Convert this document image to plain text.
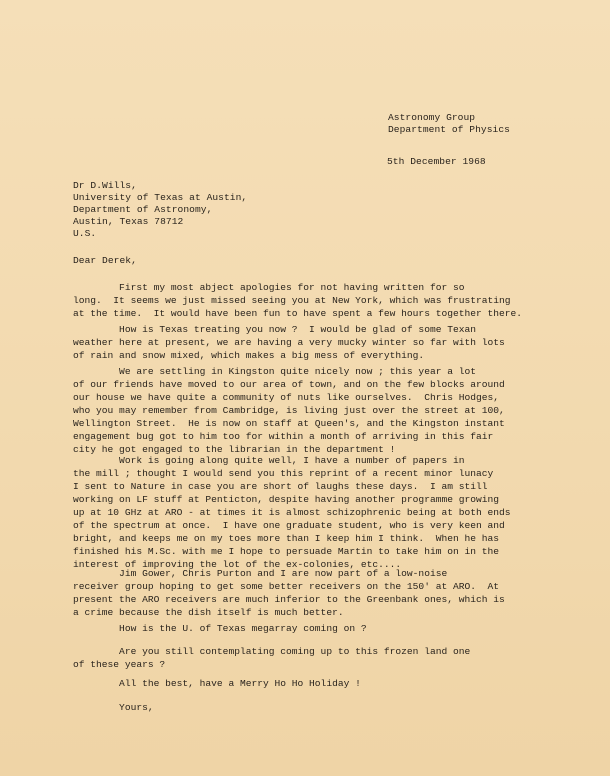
Astronomy Group
Department of Physics
5th December 1968
Dr D.Wills,
University of Texas at Austin,
Department of Astronomy,
Austin, Texas 78712
U.S.
Dear Derek,
First my most abject apologies for not having written for so
long.  It seems we just missed seeing you at New York, which was frustrating
at the time.  It would have been fun to have spent a few hours together there.
How is Texas treating you now ?  I would be glad of some Texan
weather here at present, we are having a very mucky winter so far with lots
of rain and snow mixed, which makes a big mess of everything.
We are settling in Kingston quite nicely now ; this year a lot
of our friends have moved to our area of town, and on the few blocks around
our house we have quite a community of nuts like ourselves.  Chris Hodges,
who you may remember from Cambridge, is living just over the street at 100,
Wellington Street.  He is now on staff at Queen's, and the Kingston instant
engagement bug got to him too for within a month of arriving in this fair
city he got engaged to the librarian in the department !
Work is going along quite well, I have a number of papers in
the mill ; thought I would send you this reprint of a recent minor lunacy
I sent to Nature in case you are short of laughs these days.  I am still
working on LF stuff at Penticton, despite having another programme growing
up at 10 GHz at ARO - at times it is almost schizophrenic being at both ends
of the spectrum at once.  I have one graduate student, who is very keen and
bright, and keeps me on my toes more than I keep him I think.  When he has
finished his M.Sc. with me I hope to persuade Martin to take him on in the
interest of improving the lot of the ex-colonies, etc....
Jim Gower, Chris Purton and I are now part of a low-noise
receiver group hoping to get some better receivers on the 150' at ARO.  At
present the ARO receivers are much inferior to the Greenbank ones, which is
a crime because the dish itself is much better.
How is the U. of Texas megarray coming on ?
Are you still contemplating coming up to this frozen land one
of these years ?
All the best, have a Merry Ho Ho Holiday !
Yours,
